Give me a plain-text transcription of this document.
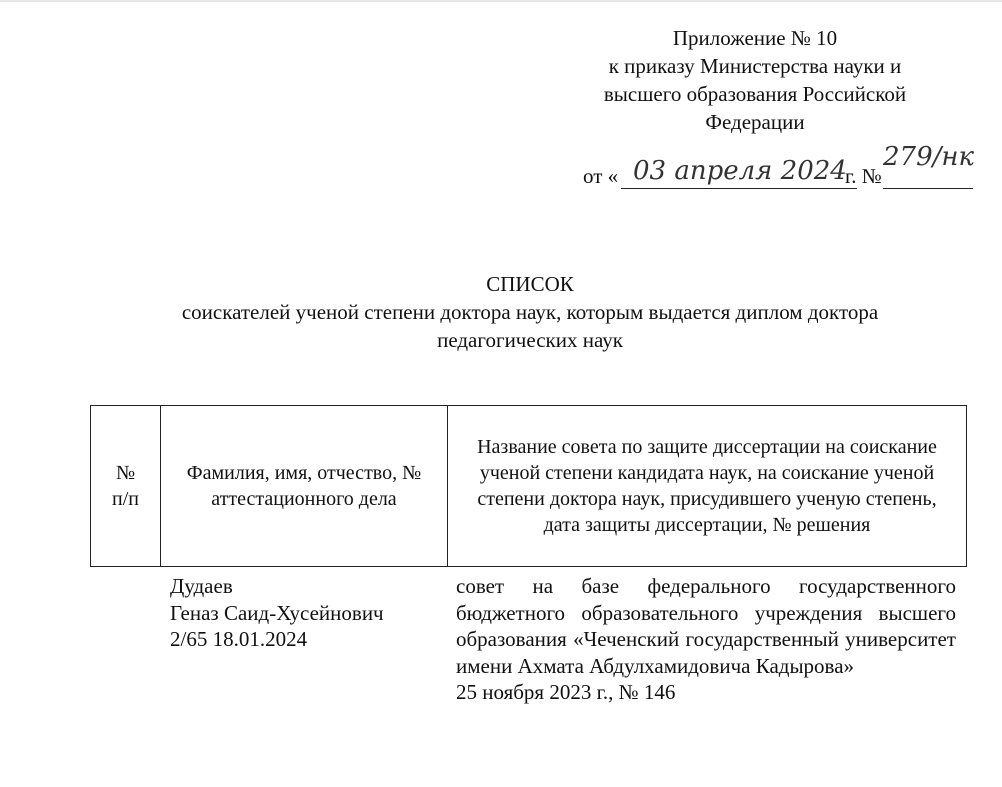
Приложение № 10
к приказу Министерства науки и
высшего образования Российской
Федерации
от « 03 апреля 2024
г. №
279/нк
СПИСОК
соискателей ученой степени доктора наук, которым выдается диплом доктора
педагогических наук
№ п/п
Фамилия, имя, отчество, № аттестационного дела
Название совета по защите диссертации на соискание ученой степени кандидата наук, на соискание ученой степени доктора наук, присудившего ученую степень, дата защиты диссертации, № решения
Дудаев
Геназ Саид-Хусейнович
2/65 18.01.2024
совет на базе федерального государственного бюджетного образовательного учреждения высшего образования «Чеченский государственный университет имени Ахмата Абдулхамидовича Кадырова»
25 ноября 2023 г., № 146
